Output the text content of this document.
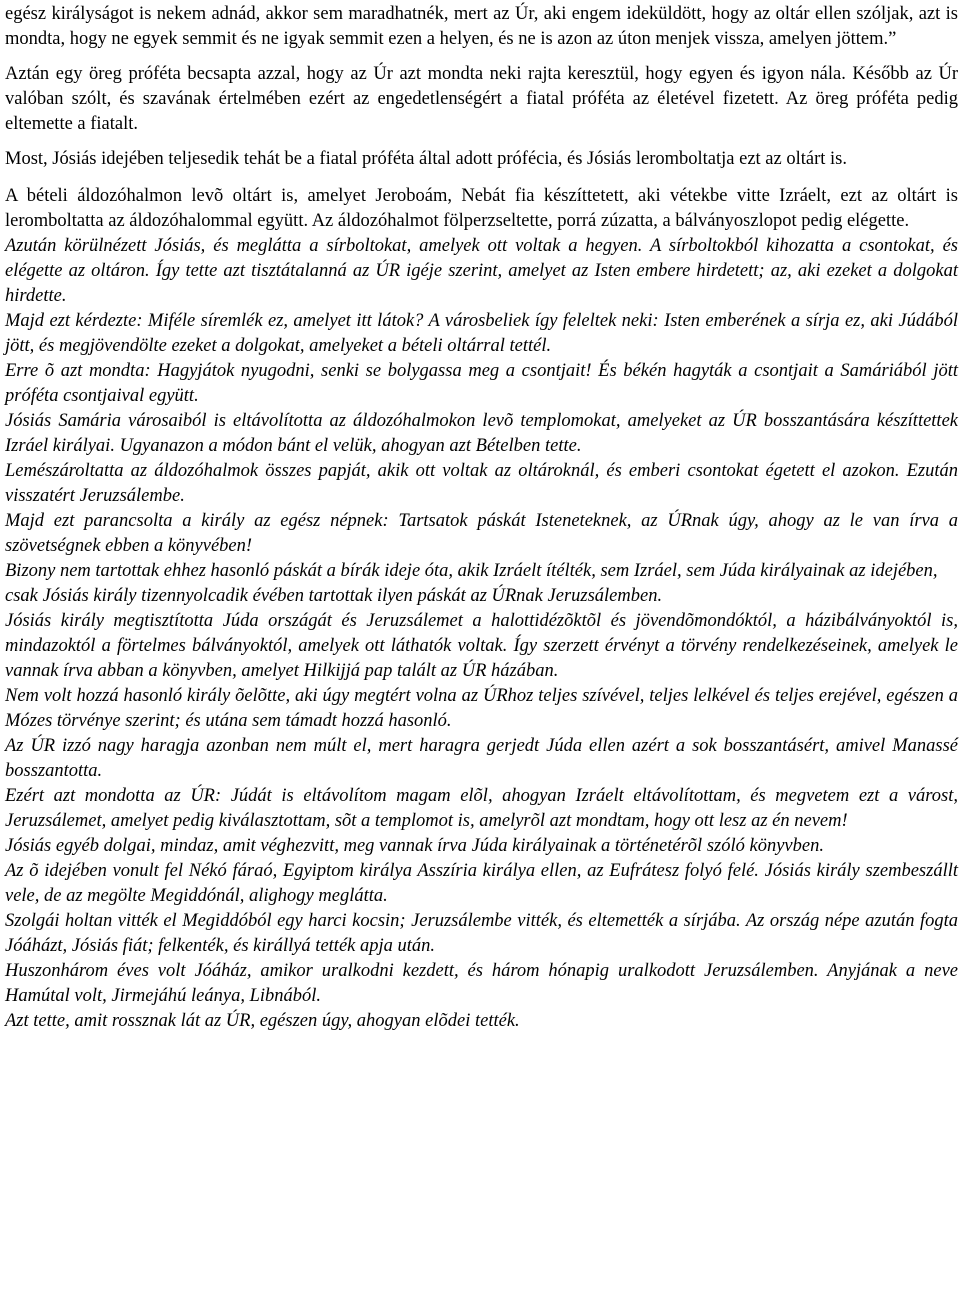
egész királyságot is nekem adnád, akkor sem maradhatnék, mert az Úr, aki engem ideküldött, hogy az oltár ellen szóljak, azt is mondta, hogy ne egyek semmit és ne igyak semmit ezen a helyen, és ne is azon az úton menjek vissza, amelyen jöttem.”

Aztán egy öreg próféta becsapta azzal, hogy az Úr azt mondta neki rajta keresztül, hogy egyen és igyon nála. Később az Úr valóban szólt, és szavának értelmében ezért az engedetlenségért a fiatal próféta az életével fizetett. Az öreg próféta pedig eltemette a fiatalt.

Most, Jósiás idejében teljesedik tehát be a fiatal próféta által adott prófécia, és Jósiás leromboltatja ezt az oltárt is.

A bételi áldozóhalmon levõ oltárt is, amelyet Jeroboám, Nebát fia készíttetett, aki vétekbe vitte Izráelt, ezt az oltárt is leromboltatta az áldozóhalommal együtt. Az áldozóhalmot fölperzseltette, porrá zúzatta, a bálványoszlopot pedig elégette.

Azután körülnézett Jósiás, és meglátta a sírboltokat, amelyek ott voltak a hegyen. A sírboltokból kihozatta a csontokat, és elégette az oltáron. Így tette azt tisztátalanná az ÚR igéje szerint, amelyet az Isten embere hirdetett; az, aki ezeket a dolgokat hirdette.

Majd ezt kérdezte: Miféle síremlék ez, amelyet itt látok? A városbeliek így feleltek neki: Isten emberének a sírja ez, aki Júdából jött, és megjövendölte ezeket a dolgokat, amelyeket a bételi oltárral tettél.

Erre õ azt mondta: Hagyjátok nyugodni, senki se bolygassa meg a csontjait! És békén hagyták a csontjait a Samáriából jött próféta csontjaival együtt.

Jósiás Samária városaiból is eltávolította az áldozóhalmokon levõ templomokat, amelyeket az ÚR bosszantására készíttettek Izráel királyai. Ugyanazon a módon bánt el velük, ahogyan azt Bételben tette.

Lemészároltatta az áldozóhalmok összes papját, akik ott voltak az oltároknál, és emberi csontokat égetett el azokon. Ezután visszatért Jeruzsálembe.

Majd ezt parancsolta a király az egész népnek: Tartsatok páskát Isteneteknek, az ÚRnak úgy, ahogy az le van írva a szövetségnek ebben a könyvében!

Bizony nem tartottak ehhez hasonló páskát a bírák ideje óta, akik Izráelt ítélték, sem Izráel, sem Júda királyainak az idejében,

csak Jósiás király tizennyolcadik évében tartottak ilyen páskát az ÚRnak Jeruzsálemben.

Jósiás király megtisztította Júda országát és Jeruzsálemet a halottidézõktõl és jövendõmondóktól, a házibálványoktól is, mindazoktól a förtelmes bálványoktól, amelyek ott láthatók voltak. Így szerzett érvényt a törvény rendelkezéseinek, amelyek le vannak írva abban a könyvben, amelyet Hilkijjá pap talált az ÚR házában.

Nem volt hozzá hasonló király õelõtte, aki úgy megtért volna az ÚRhoz teljes szívével, teljes lelkével és teljes erejével, egészen a Mózes törvénye szerint; és utána sem támadt hozzá hasonló.

Az ÚR izzó nagy haragja azonban nem múlt el, mert haragra gerjedt Júda ellen azért a sok bosszantásért, amivel Manassé bosszantotta.

Ezért azt mondotta az ÚR: Júdát is eltávolítom magam elõl, ahogyan Izráelt eltávolítottam, és megvetem ezt a várost, Jeruzsálemet, amelyet pedig kiválasztottam, sõt a templomot is, amelyrõl azt mondtam, hogy ott lesz az én nevem!

Jósiás egyéb dolgai, mindaz, amit véghezvitt, meg vannak írva Júda királyainak a történetérõl szóló könyvben.

Az õ idejében vonult fel Nékó fáraó, Egyiptom királya Asszíria királya ellen, az Eufrátesz folyó felé. Jósiás király szembeszállt vele, de az megölte Megiddónál, alighogy meglátta.

Szolgái holtan vitték el Megiddóból egy harci kocsin; Jeruzsálembe vitték, és eltemették a sírjába. Az ország népe azután fogta Jóáházt, Jósiás fiát; felkenték, és királlyá tették apja után.

Huszonhárom éves volt Jóáház, amikor uralkodni kezdett, és három hónapig uralkodott Jeruzsálemben. Anyjának a neve Hamútal volt, Jirmejáhú leánya, Libnából.

Azt tette, amit rossznak lát az ÚR, egészen úgy, ahogyan elõdei tették.
